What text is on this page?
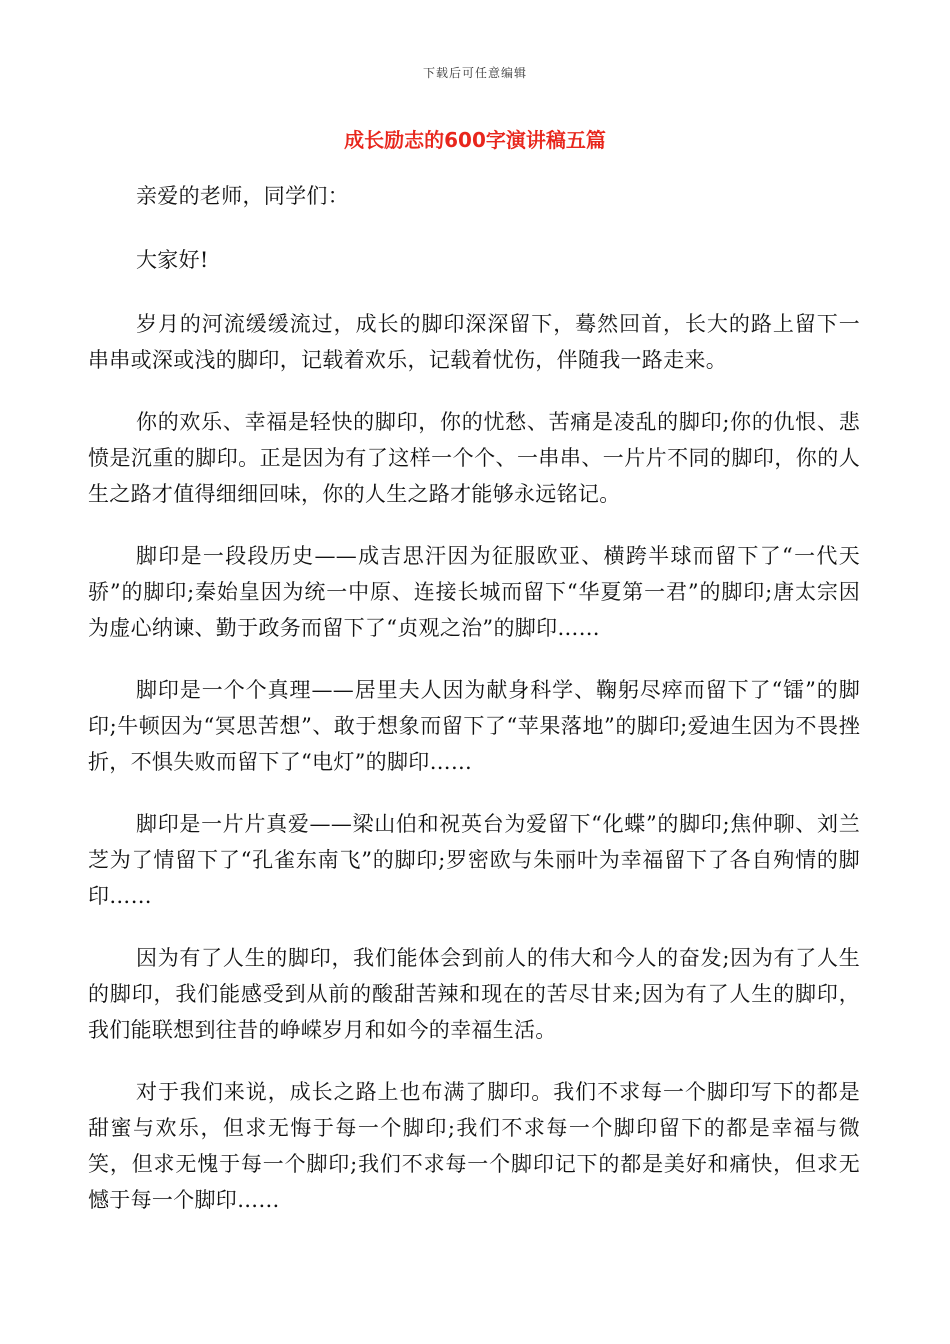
下载后可任意编辑
成长励志的600字演讲稿五篇

亲爱的老师，同学们：

大家好!

岁月的河流缓缓流过，成长的脚印深深留下，蓦然回首，长大的路上留下一串串或深或浅的脚印，记载着欢乐，记载着忧伤，伴随我一路走来。

你的欢乐、幸福是轻快的脚印，你的忧愁、苦痛是凌乱的脚印;你的仇恨、悲愤是沉重的脚印。正是因为有了这样一个个、一串串、一片片不同的脚印，你的人生之路才值得细细回味，你的人生之路才能够永远铭记。

脚印是一段段历史——成吉思汗因为征服欧亚、横跨半球而留下了“一代天骄”的脚印;秦始皇因为统一中原、连接长城而留下“华夏第一君”的脚印;唐太宗因为虚心纳谏、勤于政务而留下了“贞观之治”的脚印……

脚印是一个个真理——居里夫人因为献身科学、鞠躬尽瘁而留下了“镭”的脚印;牛顿因为“冥思苦想”、敢于想象而留下了“苹果落地”的脚印;爱迪生因为不畏挫折，不惧失败而留下了“电灯”的脚印……

脚印是一片片真爱——梁山伯和祝英台为爱留下“化蝶”的脚印;焦仲聊、刘兰芝为了情留下了“孔雀东南飞”的脚印;罗密欧与朱丽叶为幸福留下了各自殉情的脚印……

因为有了人生的脚印，我们能体会到前人的伟大和今人的奋发;因为有了人生的脚印，我们能感受到从前的酸甜苦辣和现在的苦尽甘来;因为有了人生的脚印，我们能联想到往昔的峥嵘岁月和如今的幸福生活。

对于我们来说，成长之路上也布满了脚印。我们不求每一个脚印写下的都是甜蜜与欢乐，但求无悔于每一个脚印;我们不求每一个脚印留下的都是幸福与微笑，但求无愧于每一个脚印;我们不求每一个脚印记下的都是美好和痛快，但求无憾于每一个脚印……
